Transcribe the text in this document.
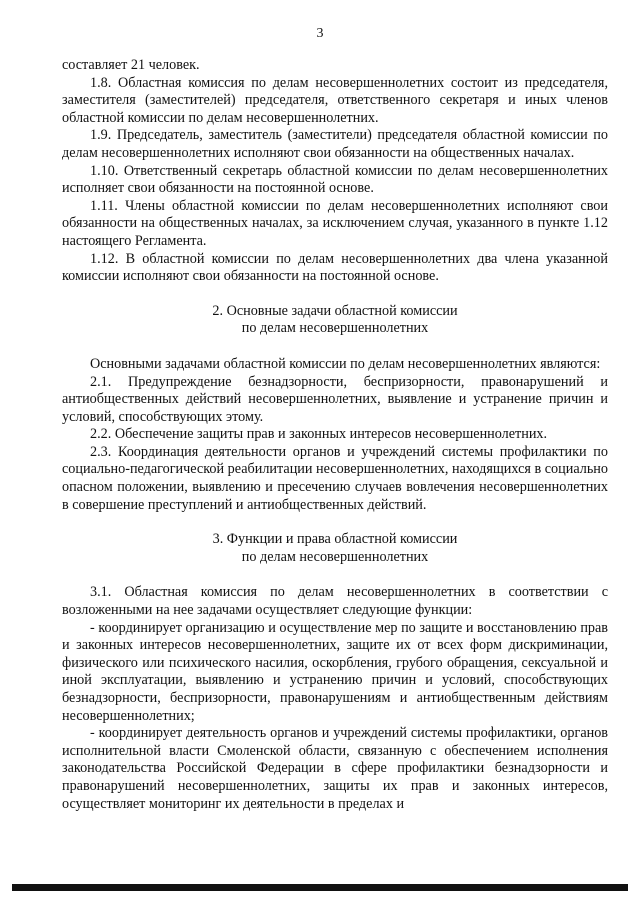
3

составляет 21 человек.

1.8. Областная комиссия по делам несовершеннолетних состоит из председателя, заместителя (заместителей) председателя, ответственного секретаря и иных членов областной комиссии по делам несовершеннолетних.

1.9. Председатель, заместитель (заместители) председателя областной комиссии по делам несовершеннолетних исполняют свои обязанности на общественных началах.

1.10. Ответственный секретарь областной комиссии по делам несовершеннолетних исполняет свои обязанности на постоянной основе.

1.11. Члены областной комиссии по делам несовершеннолетних исполняют свои обязанности на общественных началах, за исключением случая, указанного в пункте 1.12 настоящего Регламента.

1.12. В областной комиссии по делам несовершеннолетних два члена указанной комиссии исполняют свои обязанности на постоянной основе.

2. Основные задачи областной комиссии
по делам несовершеннолетних

Основными задачами областной комиссии по делам несовершеннолетних являются:

2.1. Предупреждение безнадзорности, беспризорности, правонарушений и антиобщественных действий несовершеннолетних, выявление и устранение причин и условий, способствующих этому.

2.2. Обеспечение защиты прав и законных интересов несовершеннолетних.

2.3. Координация деятельности органов и учреждений системы профилактики по социально-педагогической реабилитации несовершеннолетних, находящихся в социально опасном положении, выявлению и пресечению случаев вовлечения несовершеннолетних в совершение преступлений и антиобщественных действий.

3. Функции и права областной комиссии
по делам несовершеннолетних

3.1. Областная комиссия по делам несовершеннолетних в соответствии с возложенными на нее задачами осуществляет следующие функции:

- координирует организацию и осуществление мер по защите и восстановлению прав и законных интересов несовершеннолетних, защите их от всех форм дискриминации, физического или психического насилия, оскорбления, грубого обращения, сексуальной и иной эксплуатации, выявлению и устранению причин и условий, способствующих безнадзорности, беспризорности, правонарушениям и антиобщественным действиям несовершеннолетних;

- координирует деятельность органов и учреждений системы профилактики, органов исполнительной власти Смоленской области, связанную с обеспечением исполнения законодательства Российской Федерации в сфере профилактики безнадзорности и правонарушений несовершеннолетних, защиты их прав и законных интересов, осуществляет мониторинг их деятельности в пределах и
